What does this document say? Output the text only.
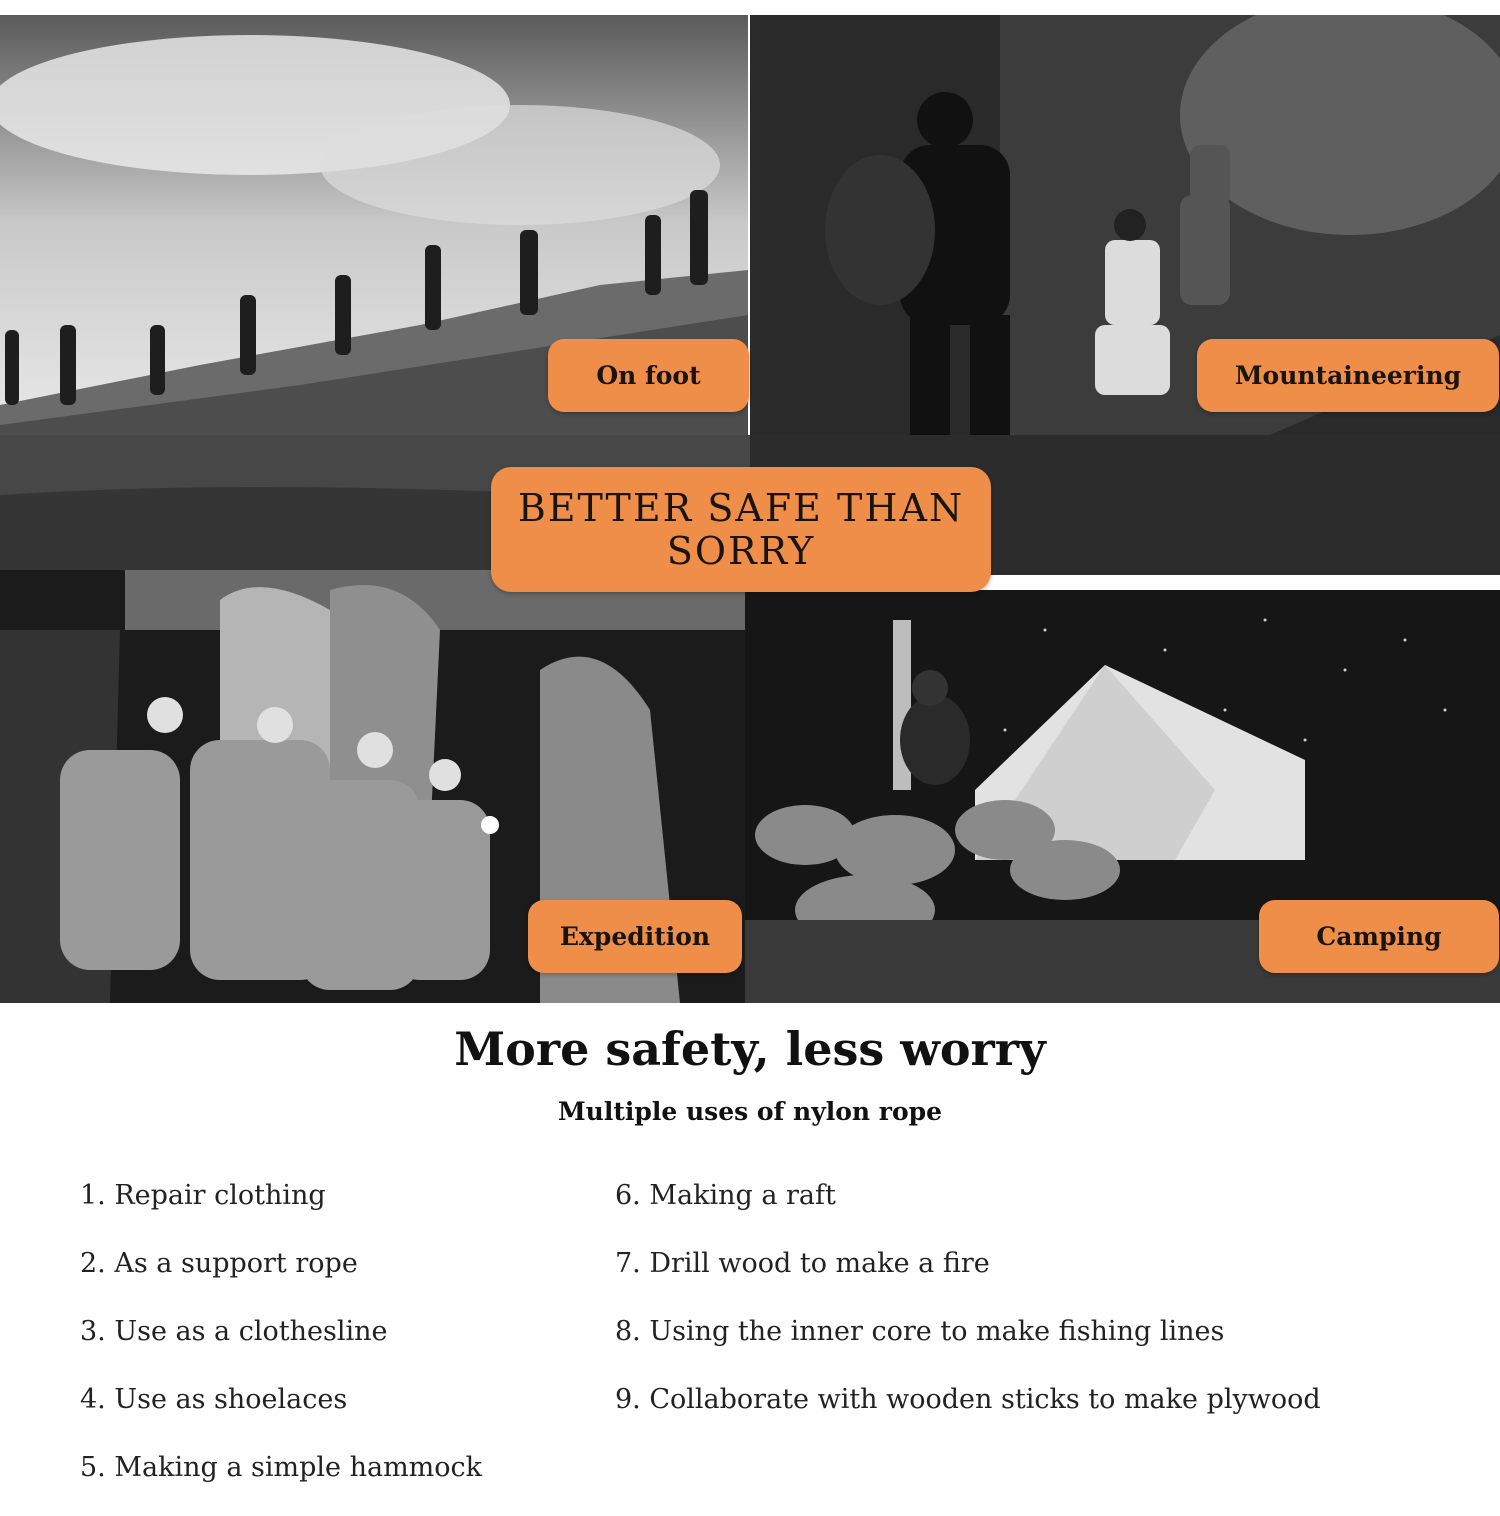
On foot	Mountaineering
Expedition	Camping
BETTER SAFE THAN
SORRY
More safety, less worry
Multiple uses of nylon rope
1. Repair clothing
2. As a support rope
3. Use as a clothesline
4. Use as shoelaces
5. Making a simple hammock
6. Making a raft
7. Drill wood to make a fire
8. Using the inner core to make fishing lines
9. Collaborate with wooden sticks to make plywood
